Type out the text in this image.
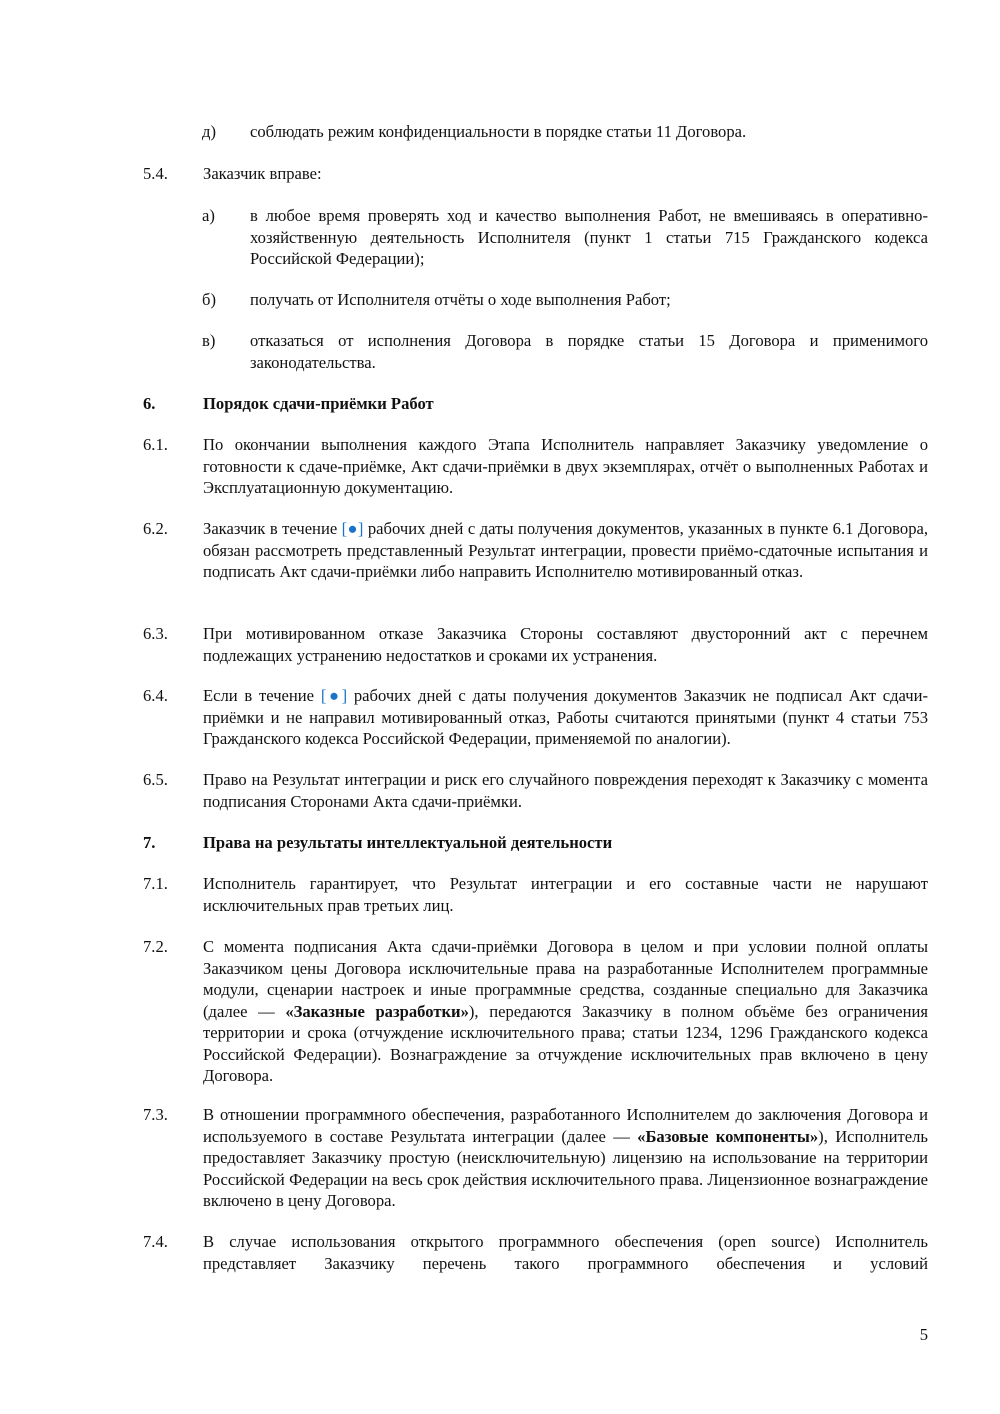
д) соблюдать режим конфиденциальности в порядке статьи 11 Договора.
5.4. Заказчик вправе:
а) в любое время проверять ход и качество выполнения Работ, не вмешиваясь в оперативно-хозяйственную деятельность Исполнителя (пункт 1 статьи 715 Гражданского кодекса Российской Федерации);
б) получать от Исполнителя отчёты о ходе выполнения Работ;
в) отказаться от исполнения Договора в порядке статьи 15 Договора и применимого законодательства.
6.	Порядок сдачи-приёмки Работ
6.1. По окончании выполнения каждого Этапа Исполнитель направляет Заказчику уведомление о готовности к сдаче-приёмке, Акт сдачи-приёмки в двух экземплярах, отчёт о выполненных Работах и Эксплуатационную документацию.
6.2. Заказчик в течение [●] рабочих дней с даты получения документов, указанных в пункте 6.1 Договора, обязан рассмотреть представленный Результат интеграции, провести приёмо-сдаточные испытания и подписать Акт сдачи-приёмки либо направить Исполнителю мотивированный отказ.
6.3. При мотивированном отказе Заказчика Стороны составляют двусторонний акт с перечнем подлежащих устранению недостатков и сроками их устранения.
6.4. Если в течение [●] рабочих дней с даты получения документов Заказчик не подписал Акт сдачи-приёмки и не направил мотивированный отказ, Работы считаются принятыми (пункт 4 статьи 753 Гражданского кодекса Российской Федерации, применяемой по аналогии).
6.5. Право на Результат интеграции и риск его случайного повреждения переходят к Заказчику с момента подписания Сторонами Акта сдачи-приёмки.
7.	Права на результаты интеллектуальной деятельности
7.1. Исполнитель гарантирует, что Результат интеграции и его составные части не нарушают исключительных прав третьих лиц.
7.2. С момента подписания Акта сдачи-приёмки Договора в целом и при условии полной оплаты Заказчиком цены Договора исключительные права на разработанные Исполнителем программные модули, сценарии настроек и иные программные средства, созданные специально для Заказчика (далее — «Заказные разработки»), передаются Заказчику в полном объёме без ограничения территории и срока (отчуждение исключительного права; статьи 1234, 1296 Гражданского кодекса Российской Федерации). Вознаграждение за отчуждение исключительных прав включено в цену Договора.
7.3. В отношении программного обеспечения, разработанного Исполнителем до заключения Договора и используемого в составе Результата интеграции (далее — «Базовые компоненты»), Исполнитель предоставляет Заказчику простую (неисключительную) лицензию на использование на территории Российской Федерации на весь срок действия исключительного права. Лицензионное вознаграждение включено в цену Договора.
7.4. В случае использования открытого программного обеспечения (open source) Исполнитель представляет Заказчику перечень такого программного обеспечения и условий
5
